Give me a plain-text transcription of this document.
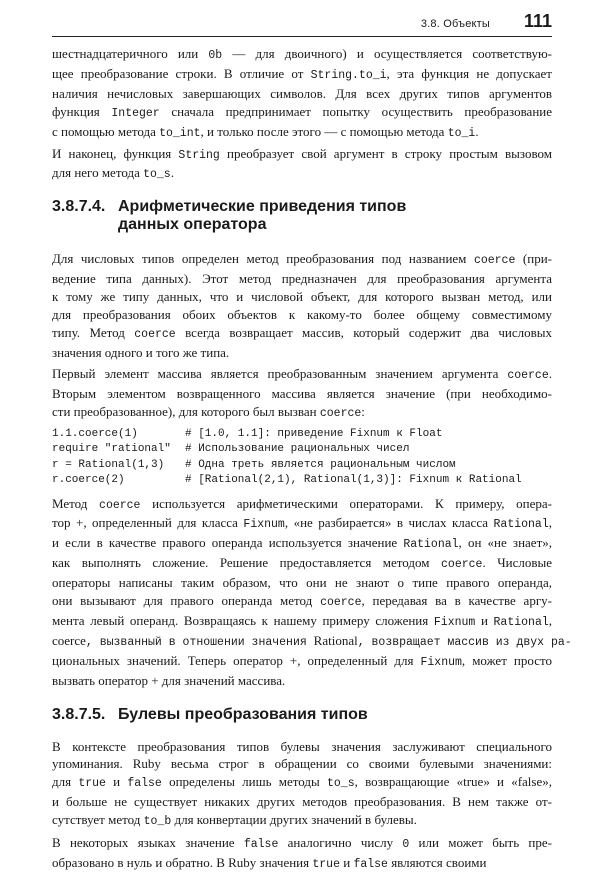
3.8. Объекты 111

шестнадцатеричного или 0b — для двоичного) и осуществляется соответствую-
щее преобразование строки. В отличие от String.to_i, эта функция не допускает
наличия нечисловых завершающих символов. Для всех других типов аргументов
функция Integer сначала предпринимает попытку осуществить преобразование
с помощью метода to_int, и только после этого — с помощью метода to_i.

И наконец, функция String преобразует свой аргумент в строку простым вызовом
для него метода to_s.

3.8.7.4. Арифметические приведения типов
данных оператора

Для числовых типов определен метод преобразования под названием coerce (при-
ведение типа данных). Этот метод предназначен для преобразования аргумента
к тому же типу данных, что и числовой объект, для которого вызван метод, или
для преобразования обоих объектов к какому-то более общему совместимому
типу. Метод coerce всегда возвращает массив, который содержит два числовых
значения одного и того же типа.

Первый элемент массива является преобразованным значением аргумента coerce.
Вторым элементом возвращенного массива является значение (при необходимо-
сти преобразованное), для которого был вызван coerce:

1.1.coerce(1)	# [1.0, 1.1]: приведение Fixnum к Float
require "rational" # Использование рациональных чисел
r = Rational(1,3) # Одна треть является рациональным числом
r.coerce(2)	# [Rational(2,1), Rational(1,3)]: Fixnum к Rational

Метод coerce используется арифметическими операторами. К примеру, опера-
тор +, определенный для класса Fixnum, «не разбирается» в числах класса Rational,
и если в качестве правого операнда используется значение Rational, он «не знает»,
как выполнять сложение. Решение предоставляется методом coerce. Числовые
операторы написаны таким образом, что они не знают о типе правого операнда,
они вызывают для правого операнда метод coerce, передавая ва в качестве аргу-
мента левый операнд. Возвращаясь к нашему примеру сложения Fixnum и Rational,
coerce, вызванный в отношении значения Rational, возвращает массив из двух ра-
циональных значений. Теперь оператор +, определенный для Fixnum, может просто
вызвать оператор + для значений массива.

3.8.7.5. Булевы преобразования типов

В контексте преобразования типов булевы значения заслуживают специального
упоминания. Ruby весьма строг в обращении со своими булевыми значениями:
для true и false определены лишь методы to_s, возвращающие «true» и «false»,
и больше не существует никаких других методов преобразования. В нем также от-
сутствует метод to_b для конвертации других значений в булевы.

В некоторых языках значение false аналогично числу 0 или может быть пре-
образовано в нуль и обратно. В Ruby значения true и false являются своими
